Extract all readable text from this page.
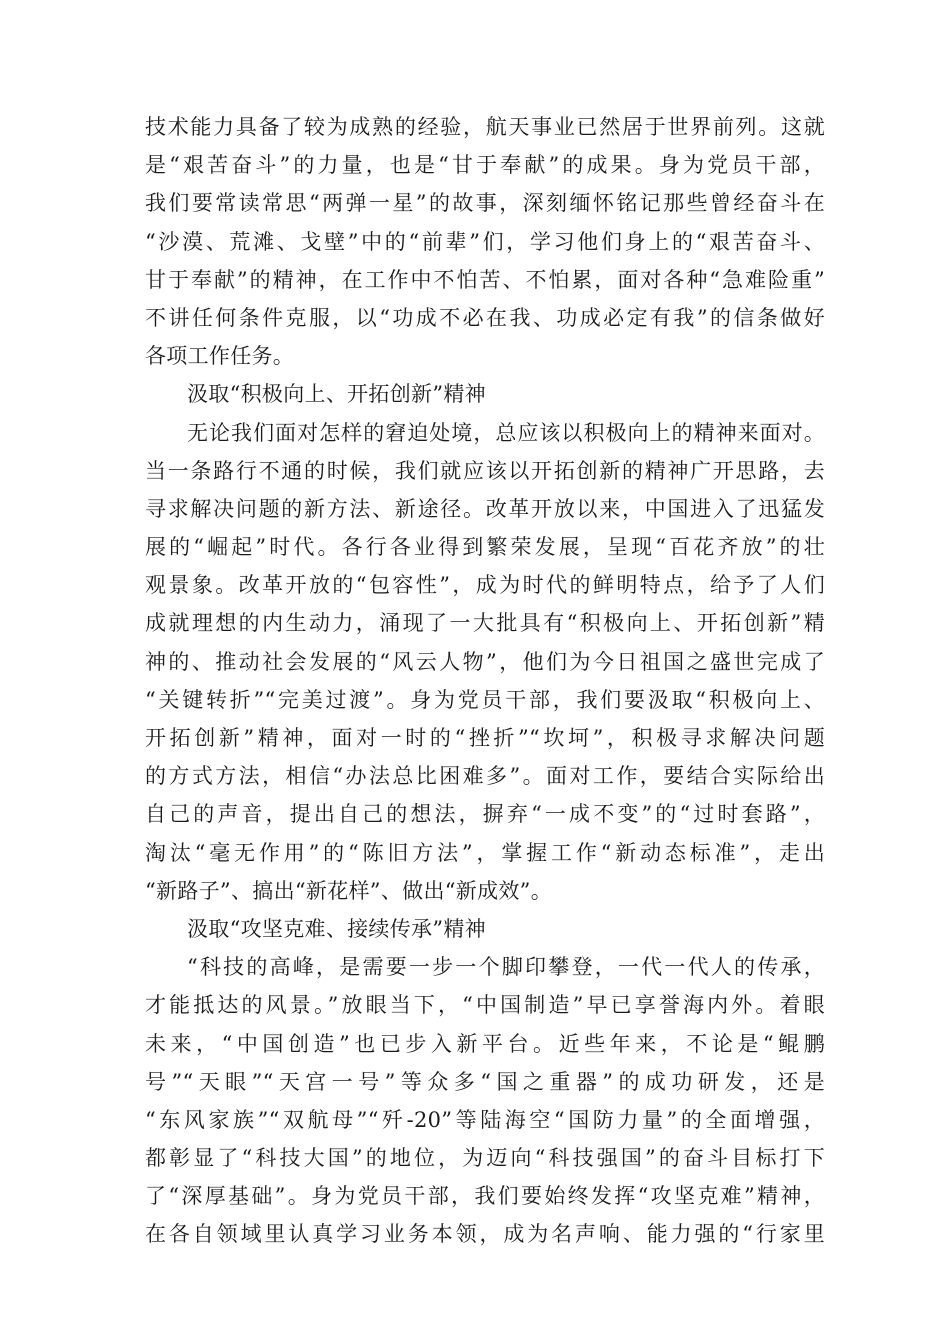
技术能力具备了较为成熟的经验，航天事业已然居于世界前列。这就
是“艰苦奋斗”的力量，也是“甘于奉献”的成果。身为党员干部，
我们要常读常思“两弹一星”的故事，深刻缅怀铭记那些曾经奋斗在
“沙漠、荒滩、戈壁”中的“前辈”们，学习他们身上的“艰苦奋斗、
甘于奉献”的精神，在工作中不怕苦、不怕累，面对各种“急难险重”
不讲任何条件克服，以“功成不必在我、功成必定有我”的信条做好
各项工作任务。
汲取“积极向上、开拓创新”精神
无论我们面对怎样的窘迫处境，总应该以积极向上的精神来面对。
当一条路行不通的时候，我们就应该以开拓创新的精神广开思路，去
寻求解决问题的新方法、新途径。改革开放以来，中国进入了迅猛发
展的“崛起”时代。各行各业得到繁荣发展，呈现“百花齐放”的壮
观景象。改革开放的“包容性”，成为时代的鲜明特点，给予了人们
成就理想的内生动力，涌现了一大批具有“积极向上、开拓创新”精
神的、推动社会发展的“风云人物”，他们为今日祖国之盛世完成了
“关键转折”“完美过渡”。身为党员干部，我们要汲取“积极向上、
开拓创新”精神，面对一时的“挫折”“坎坷”，积极寻求解决问题
的方式方法，相信“办法总比困难多”。面对工作，要结合实际给出
自己的声音，提出自己的想法，摒弃“一成不变”的“过时套路”，
淘汰“毫无作用”的“陈旧方法”，掌握工作“新动态标准”，走出
“新路子”、搞出“新花样”、做出“新成效”。
汲取“攻坚克难、接续传承”精神
“科技的高峰，是需要一步一个脚印攀登，一代一代人的传承，
才能抵达的风景。”放眼当下，“中国制造”早已享誉海内外。着眼
未来，“中国创造”也已步入新平台。近些年来，不论是“鲲鹏
号”“天眼”“天宫一号”等众多“国之重器”的成功研发，还是
“东风家族”“双航母”“歼-20”等陆海空“国防力量”的全面增强，
都彰显了“科技大国”的地位，为迈向“科技强国”的奋斗目标打下
了“深厚基础”。身为党员干部，我们要始终发挥“攻坚克难”精神，
在各自领域里认真学习业务本领，成为名声响、能力强的“行家里
